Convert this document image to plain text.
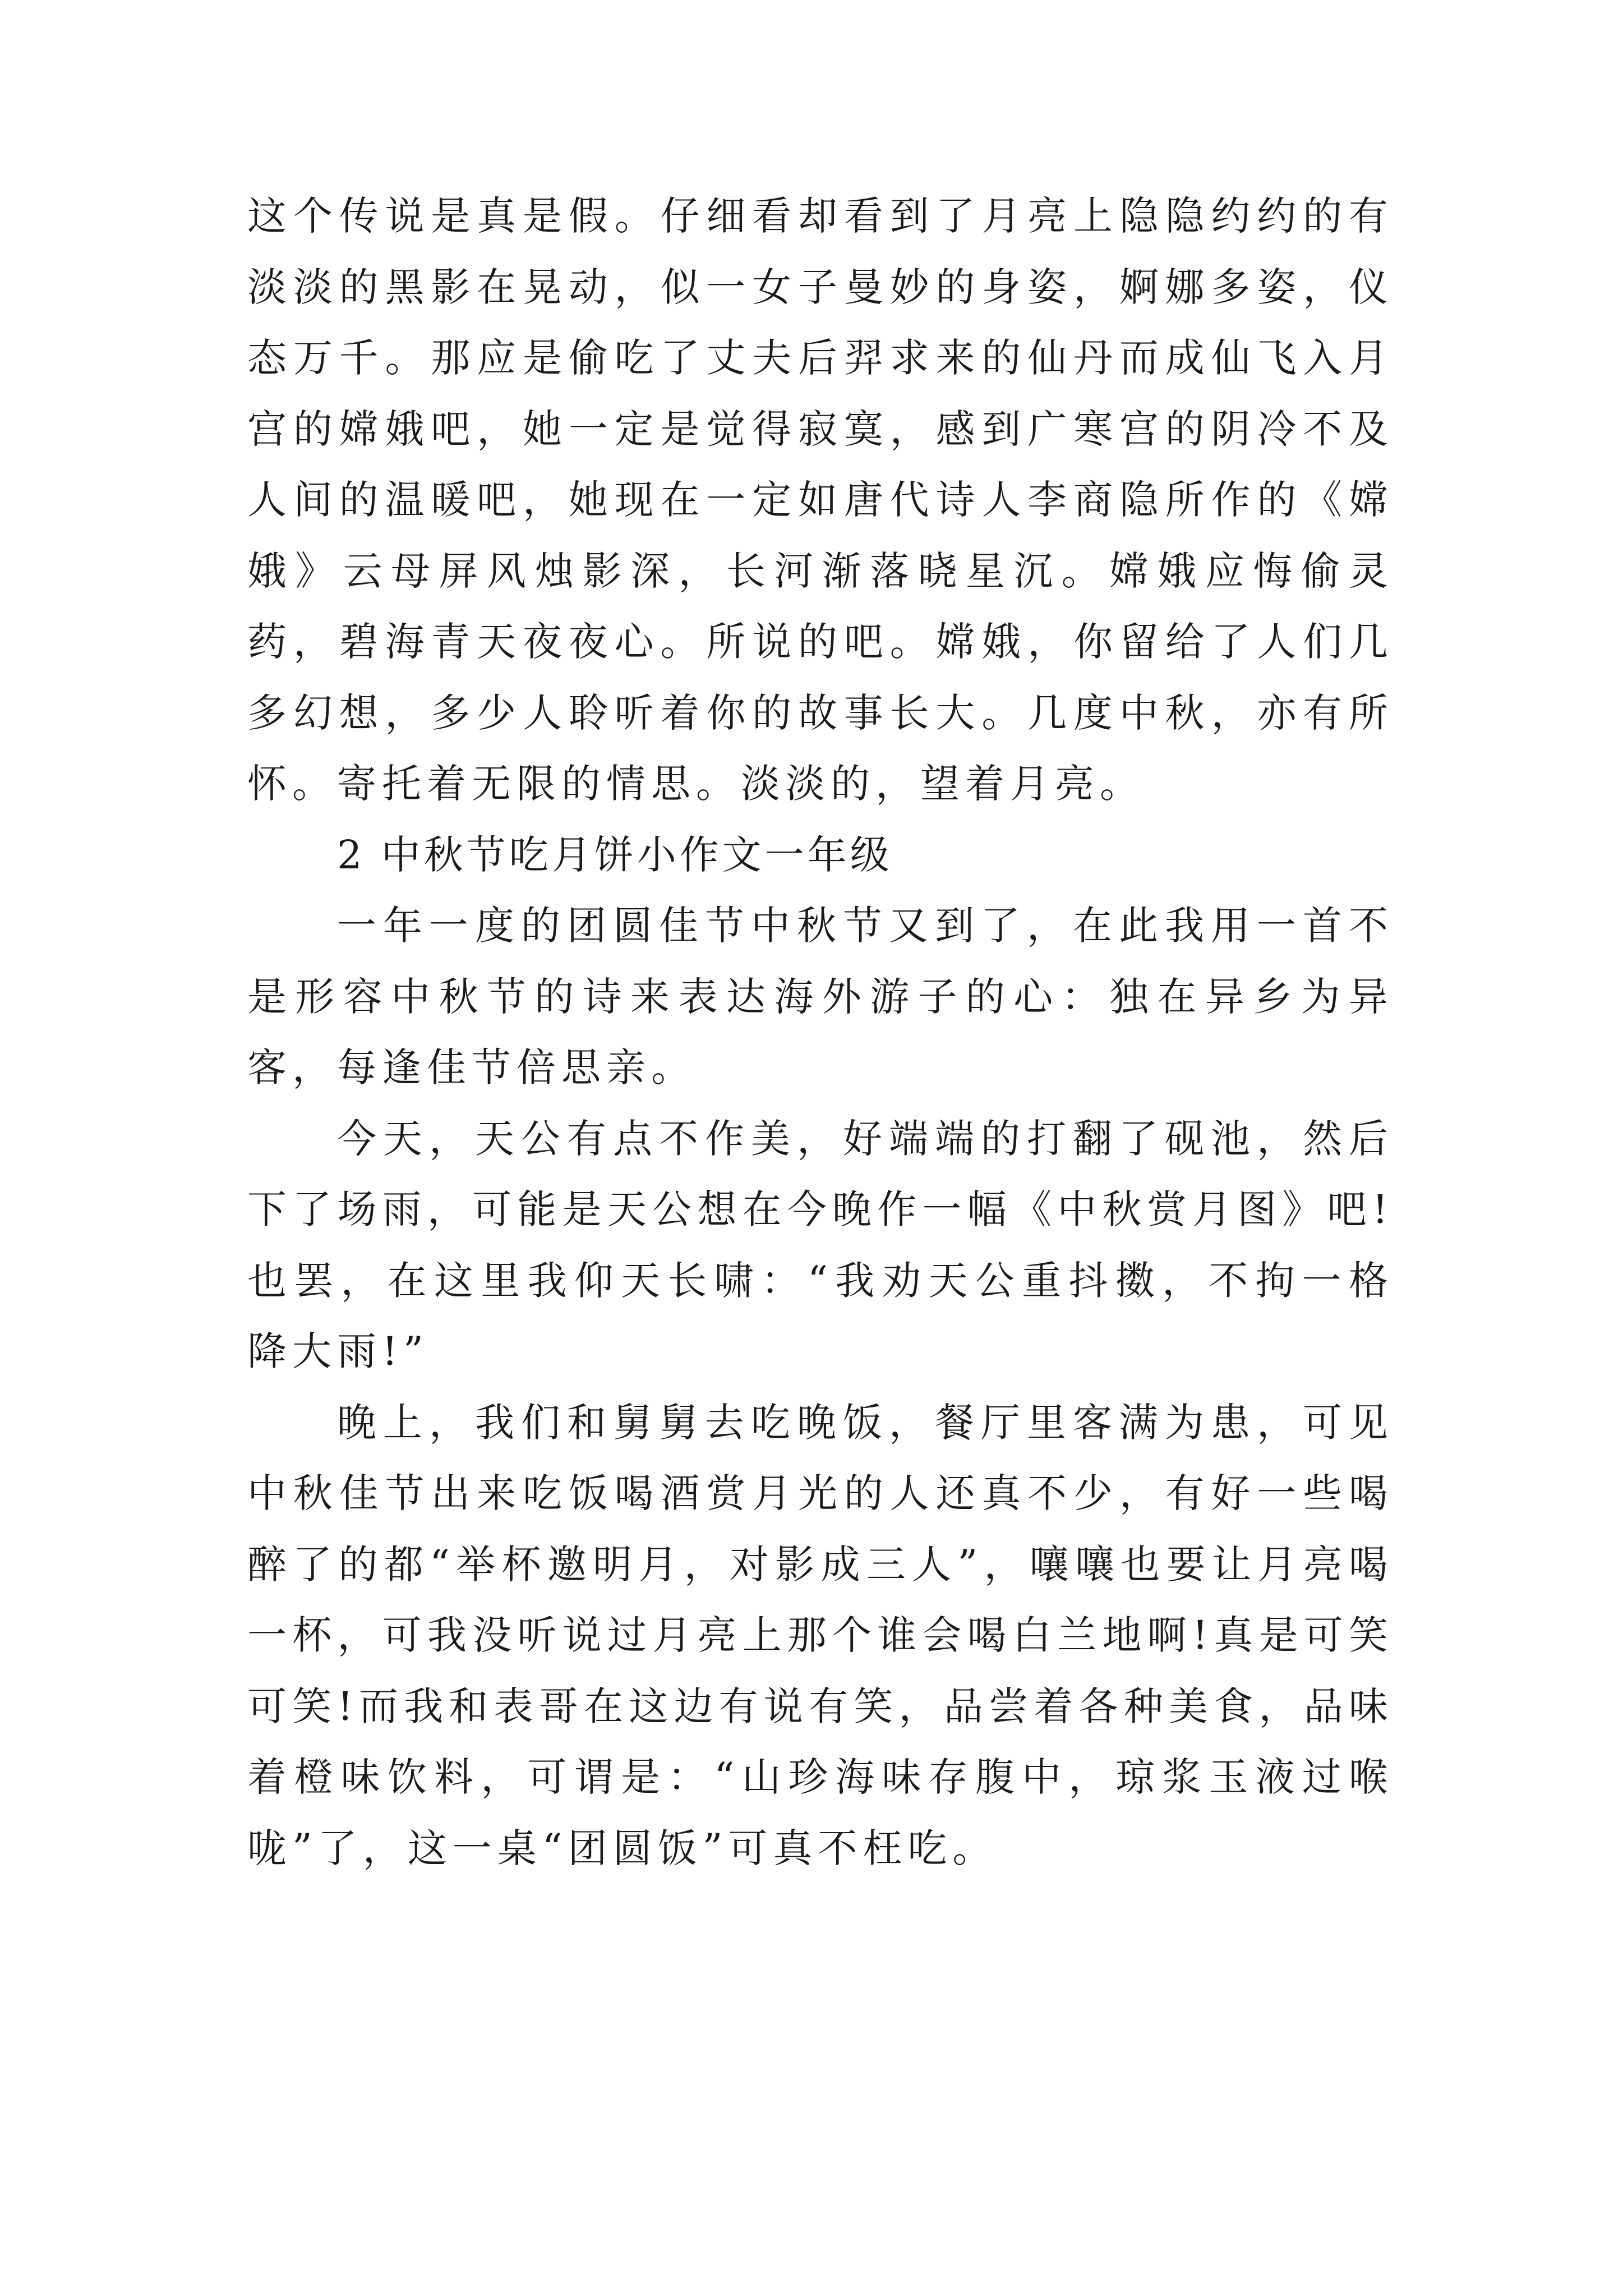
这个传说是真是假。仔细看却看到了月亮上隐隐约约的有淡淡的黑影在晃动，似一女子曼妙的身姿，婀娜多姿，仪态万千。那应是偷吃了丈夫后羿求来的仙丹而成仙飞入月宫的嫦娥吧，她一定是觉得寂寞，感到广寒宫的阴冷不及人间的温暖吧，她现在一定如唐代诗人李商隐所作的《嫦娥》云母屏风烛影深，长河渐落晓星沉。嫦娥应悔偷灵药，碧海青天夜夜心。所说的吧。嫦娥，你留给了人们几多幻想，多少人聆听着你的故事长大。几度中秋，亦有所怀。寄托着无限的情思。淡淡的，望着月亮。

2 中秋节吃月饼小作文一年级

一年一度的团圆佳节中秋节又到了，在此我用一首不是形容中秋节的诗来表达海外游子的心：独在异乡为异客，每逢佳节倍思亲。

今天，天公有点不作美，好端端的打翻了砚池，然后下了场雨，可能是天公想在今晚作一幅《中秋赏月图》吧!也罢，在这里我仰天长啸：“我劝天公重抖擞，不拘一格降大雨!”

晚上，我们和舅舅去吃晚饭，餐厅里客满为患，可见中秋佳节出来吃饭喝酒赏月光的人还真不少，有好一些喝醉了的都“举杯邀明月，对影成三人”，嚷嚷也要让月亮喝一杯，可我没听说过月亮上那个谁会喝白兰地啊!真是可笑可笑!而我和表哥在这边有说有笑，品尝着各种美食，品味着橙味饮料，可谓是：“山珍海味存腹中，琼浆玉液过喉咙”了，这一桌“团圆饭”可真不枉吃。
